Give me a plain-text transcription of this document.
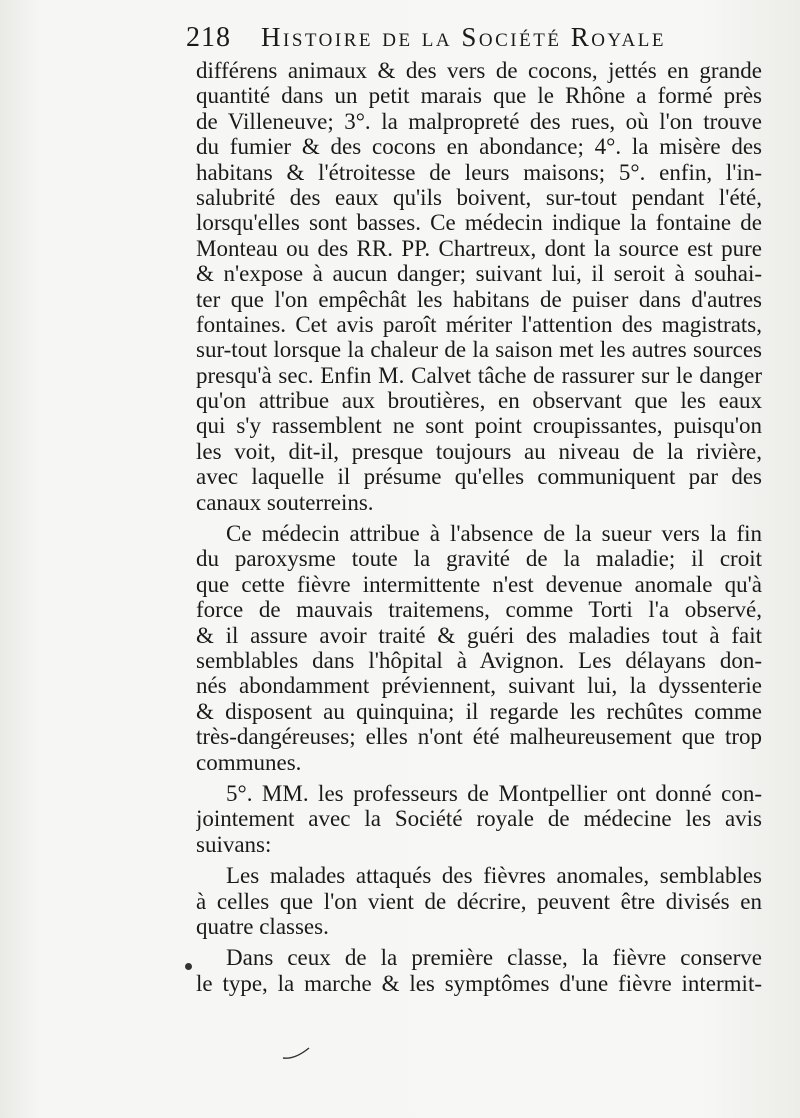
218 Histoire de la Société Royale
différens animaux & des vers de cocons, jettés en grande
quantité dans un petit marais que le Rhône a formé près
de Villeneuve; 3°. la malpropreté des rues, où l'on trouve
du fumier & des cocons en abondance; 4°. la misère des
habitans & l'étroitesse de leurs maisons; 5°. enfin, l'in-
salubrité des eaux qu'ils boivent, sur-tout pendant l'été,
lorsqu'elles sont basses. Ce médecin indique la fontaine de
Monteau ou des RR. PP. Chartreux, dont la source est pure
& n'expose à aucun danger; suivant lui, il seroit à souhai-
ter que l'on empêchât les habitans de puiser dans d'autres
fontaines. Cet avis paroît mériter l'attention des magistrats,
sur-tout lorsque la chaleur de la saison met les autres sources
presqu'à sec. Enfin M. Calvet tâche de rassurer sur le danger
qu'on attribue aux broutières, en observant que les eaux
qui s'y rassemblent ne sont point croupissantes, puisqu'on
les voit, dit-il, presque toujours au niveau de la rivière,
avec laquelle il présume qu'elles communiquent par des
canaux souterreins.
Ce médecin attribue à l'absence de la sueur vers la fin
du paroxysme toute la gravité de la maladie; il croit
que cette fièvre intermittente n'est devenue anomale qu'à
force de mauvais traitemens, comme Torti l'a observé,
& il assure avoir traité & guéri des maladies tout à fait
semblables dans l'hôpital à Avignon. Les délayans don-
nés abondamment préviennent, suivant lui, la dyssenterie
& disposent au quinquina; il regarde les rechûtes comme
très-dangéreuses; elles n'ont été malheureusement que trop
communes.
5°. MM. les professeurs de Montpellier ont donné con-
jointement avec la Société royale de médecine les avis
suivans:
Les malades attaqués des fièvres anomales, semblables
à celles que l'on vient de décrire, peuvent être divisés en
quatre classes.
Dans ceux de la première classe, la fièvre conserve
le type, la marche & les symptômes d'une fièvre intermit-
